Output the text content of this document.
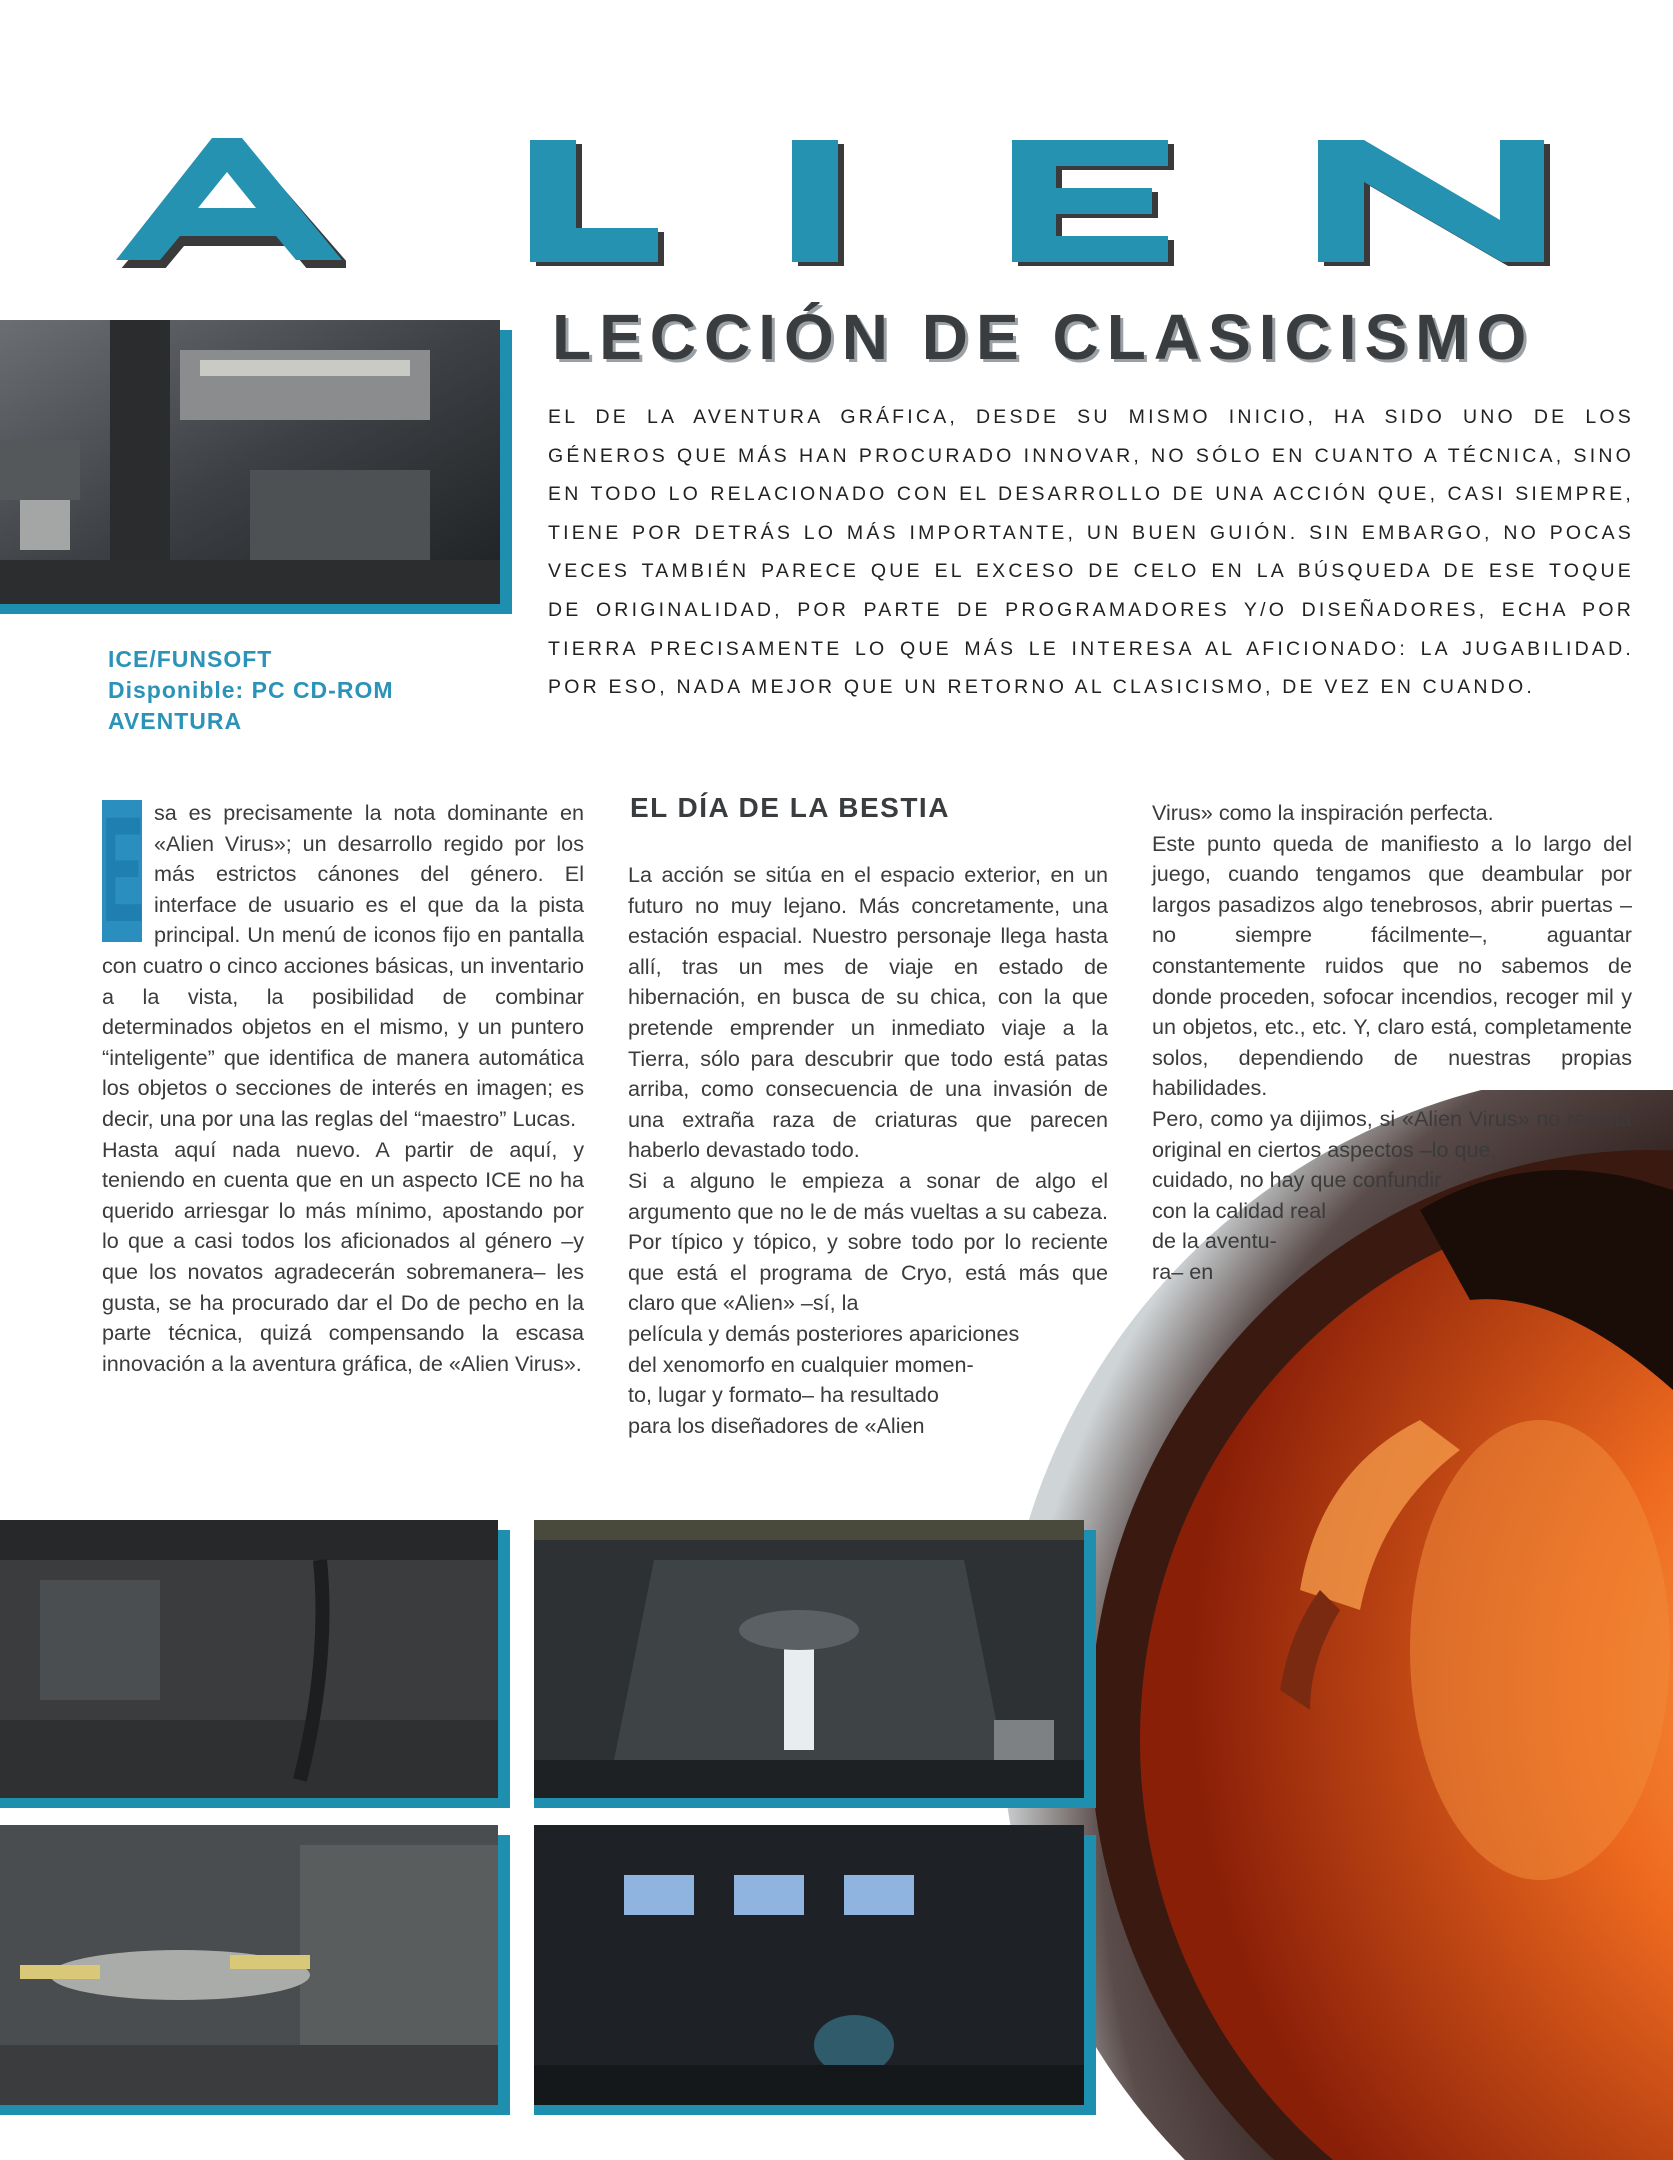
LECCIÓN DE CLASICISMO
EL DE LA AVENTURA GRÁFICA, DESDE SU MISMO INICIO, HA SIDO UNO DE LOS GÉNEROS QUE MÁS HAN PROCURADO INNOVAR, NO SÓLO EN CUANTO A TÉCNICA, SINO EN TODO LO RELACIONADO CON EL DESARROLLO DE UNA ACCIÓN QUE, CASI SIEMPRE, TIENE POR DETRÁS LO MÁS IMPORTANTE, UN BUEN GUIÓN. SIN EMBARGO, NO POCAS VECES TAMBIÉN PARECE QUE EL EXCESO DE CELO EN LA BÚSQUEDA DE ESE TOQUE DE ORIGINALIDAD, POR PARTE DE PROGRAMADORES Y/O DISEÑADORES, ECHA POR TIERRA PRECISAMENTE LO QUE MÁS LE INTERESA AL AFICIONADO: LA JUGABILIDAD. POR ESO, NADA MEJOR QUE UN RETORNO AL CLASICISMO, DE VEZ EN CUANDO.
ICE/FUNSOFT
Disponible: PC CD-ROM
AVENTURA
E sa es precisamente la nota dominante en «Alien Virus»; un desarrollo regido por los más estrictos cánones del género. El interface de usuario es el que da la pista principal. Un menú de iconos fijo en pantalla con cuatro o cinco acciones básicas, un inventario a la vista, la posibilidad de combinar determinados objetos en el mismo, y un puntero “inteligente” que identifica de manera automática los objetos o secciones de interés en imagen; es decir, una por una las reglas del “maestro” Lucas.

Hasta aquí nada nuevo. A partir de aquí, y teniendo en cuenta que en un aspecto ICE no ha querido arriesgar lo más mínimo, apostando por lo que a casi todos los aficionados al género –y que los novatos agradecerán sobremanera– les gusta, se ha procurado dar el Do de pecho en la parte técnica, quizá compensando la escasa innovación a la aventura gráfica, de «Alien Virus».

EL DÍA DE LA BESTIA

La acción se sitúa en el espacio exterior, en un futuro no muy lejano. Más concretamente, una estación espacial. Nuestro personaje llega hasta allí, tras un mes de viaje en estado de hibernación, en busca de su chica, con la que pretende emprender un inmediato viaje a la Tierra, sólo para descubrir que todo está patas arriba, como consecuencia de una invasión de una extraña raza de criaturas que parecen haberlo devastado todo.

Si a alguno le empieza a sonar de algo el argumento que no le de más vueltas a su cabeza. Por típico y tópico, y sobre todo por lo reciente que está el programa de Cryo, está más que claro que «Alien» –sí, la

película y demás posteriores apariciones

del xenomorfo en cualquier momen-

to, lugar y formato– ha resultado

para los diseñadores de «Alien

Virus» como la inspiración perfecta.

Este punto queda de manifiesto a lo largo del juego, cuando tengamos que deambular por largos pasadizos algo tenebrosos, abrir puertas –no siempre fácilmente–, aguantar constantemente ruidos que no sabemos de donde proceden, sofocar incendios, recoger mil y un objetos, etc., etc. Y, claro está, completamente solos, dependiendo de nuestras propias habilidades.

Pero, como ya dijimos, si «Alien Virus» no resulta original en ciertos aspectos –lo que,

cuidado, no hay que confundir

con la calidad real

de la aventu-

ra– en
